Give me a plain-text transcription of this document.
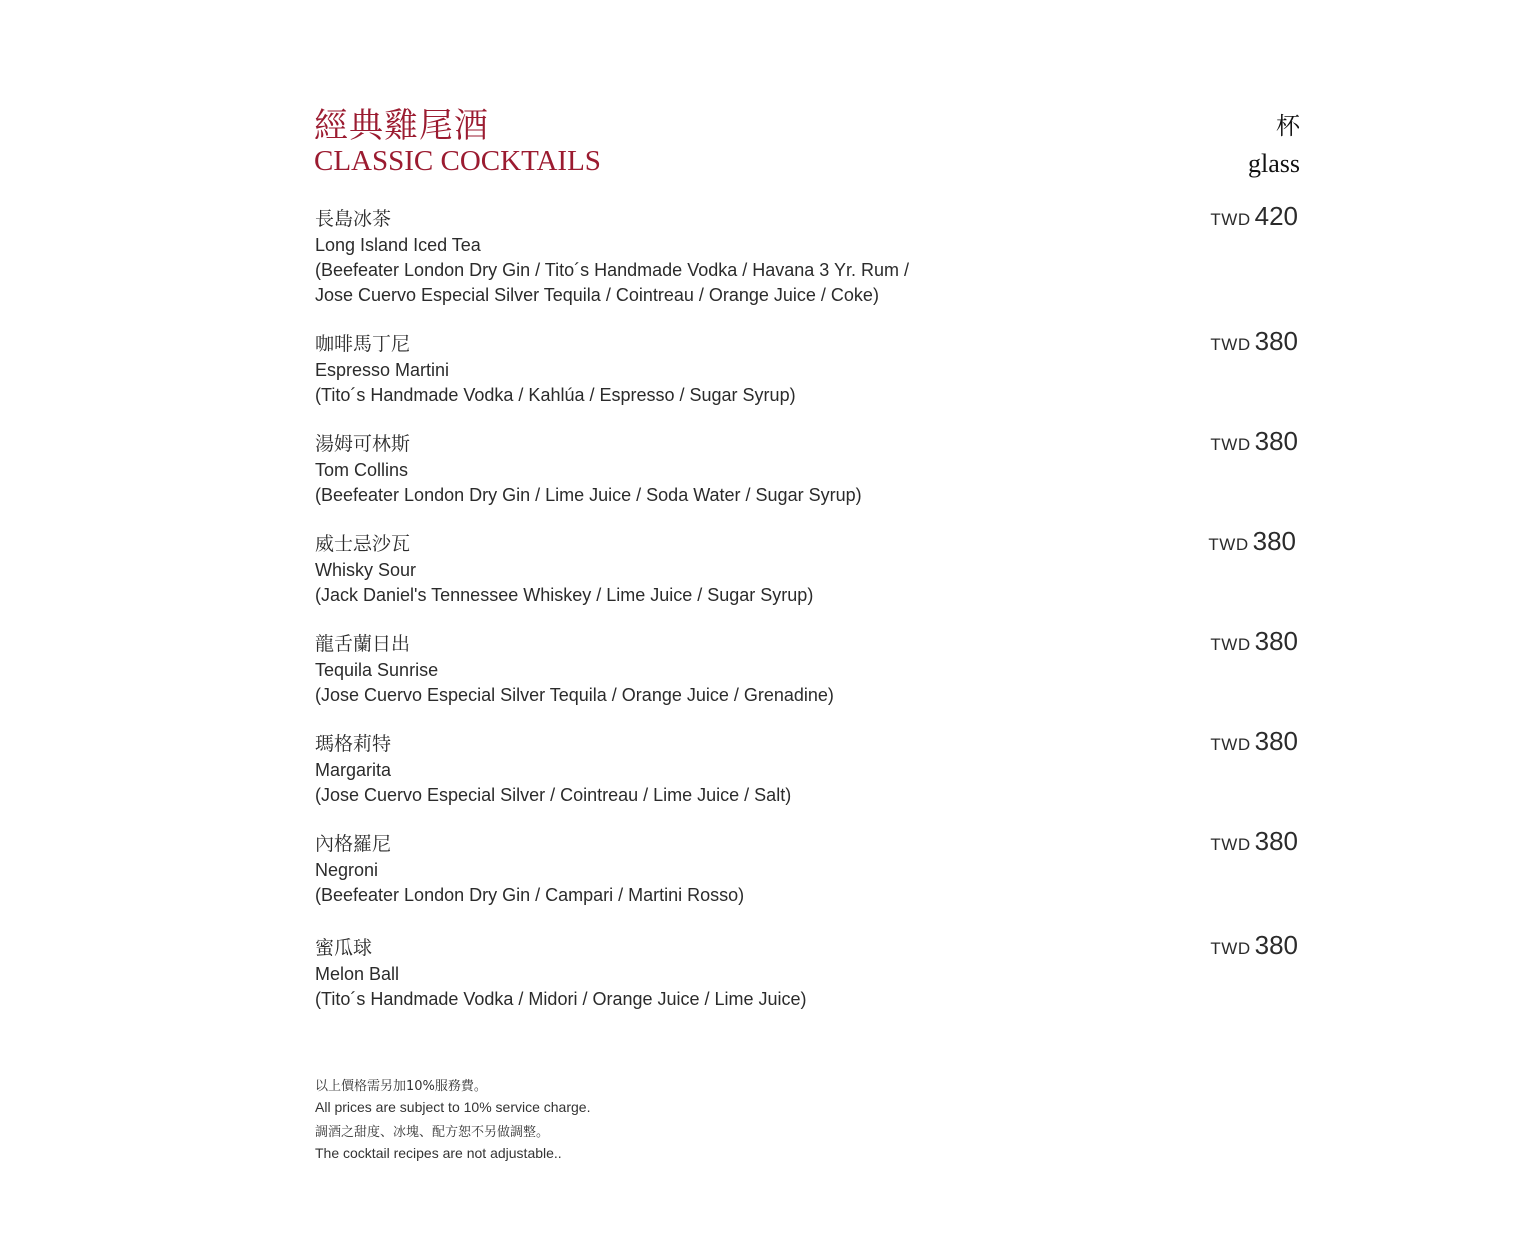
經典雞尾酒
CLASSIC COCKTAILS
杯
glass
長島冰茶
Long Island Iced Tea
(Beefeater London Dry Gin / Tito´s Handmade Vodka / Havana 3 Yr. Rum /
Jose Cuervo Especial Silver Tequila / Cointreau / Orange Juice / Coke)
TWD 420
咖啡馬丁尼
Espresso Martini
(Tito´s Handmade Vodka / Kahlúa / Espresso / Sugar Syrup)
TWD 380
湯姆可林斯
Tom Collins
(Beefeater London Dry Gin / Lime Juice / Soda Water / Sugar Syrup)
TWD 380
威士忌沙瓦
Whisky Sour
(Jack Daniel's Tennessee Whiskey / Lime Juice / Sugar Syrup)
TWD 380
龍舌蘭日出
Tequila Sunrise
(Jose Cuervo Especial Silver Tequila / Orange Juice / Grenadine)
TWD 380
瑪格莉特
Margarita
(Jose Cuervo Especial Silver / Cointreau / Lime Juice / Salt)
TWD 380
內格羅尼
Negroni
(Beefeater London Dry Gin / Campari / Martini Rosso)
TWD 380
蜜瓜球
Melon Ball
(Tito´s Handmade Vodka / Midori / Orange Juice / Lime Juice)
TWD 380
以上價格需另加10%服務費。
All prices are subject to 10% service charge.
調酒之甜度、冰塊、配方恕不另做調整。
The cocktail recipes are not adjustable..
